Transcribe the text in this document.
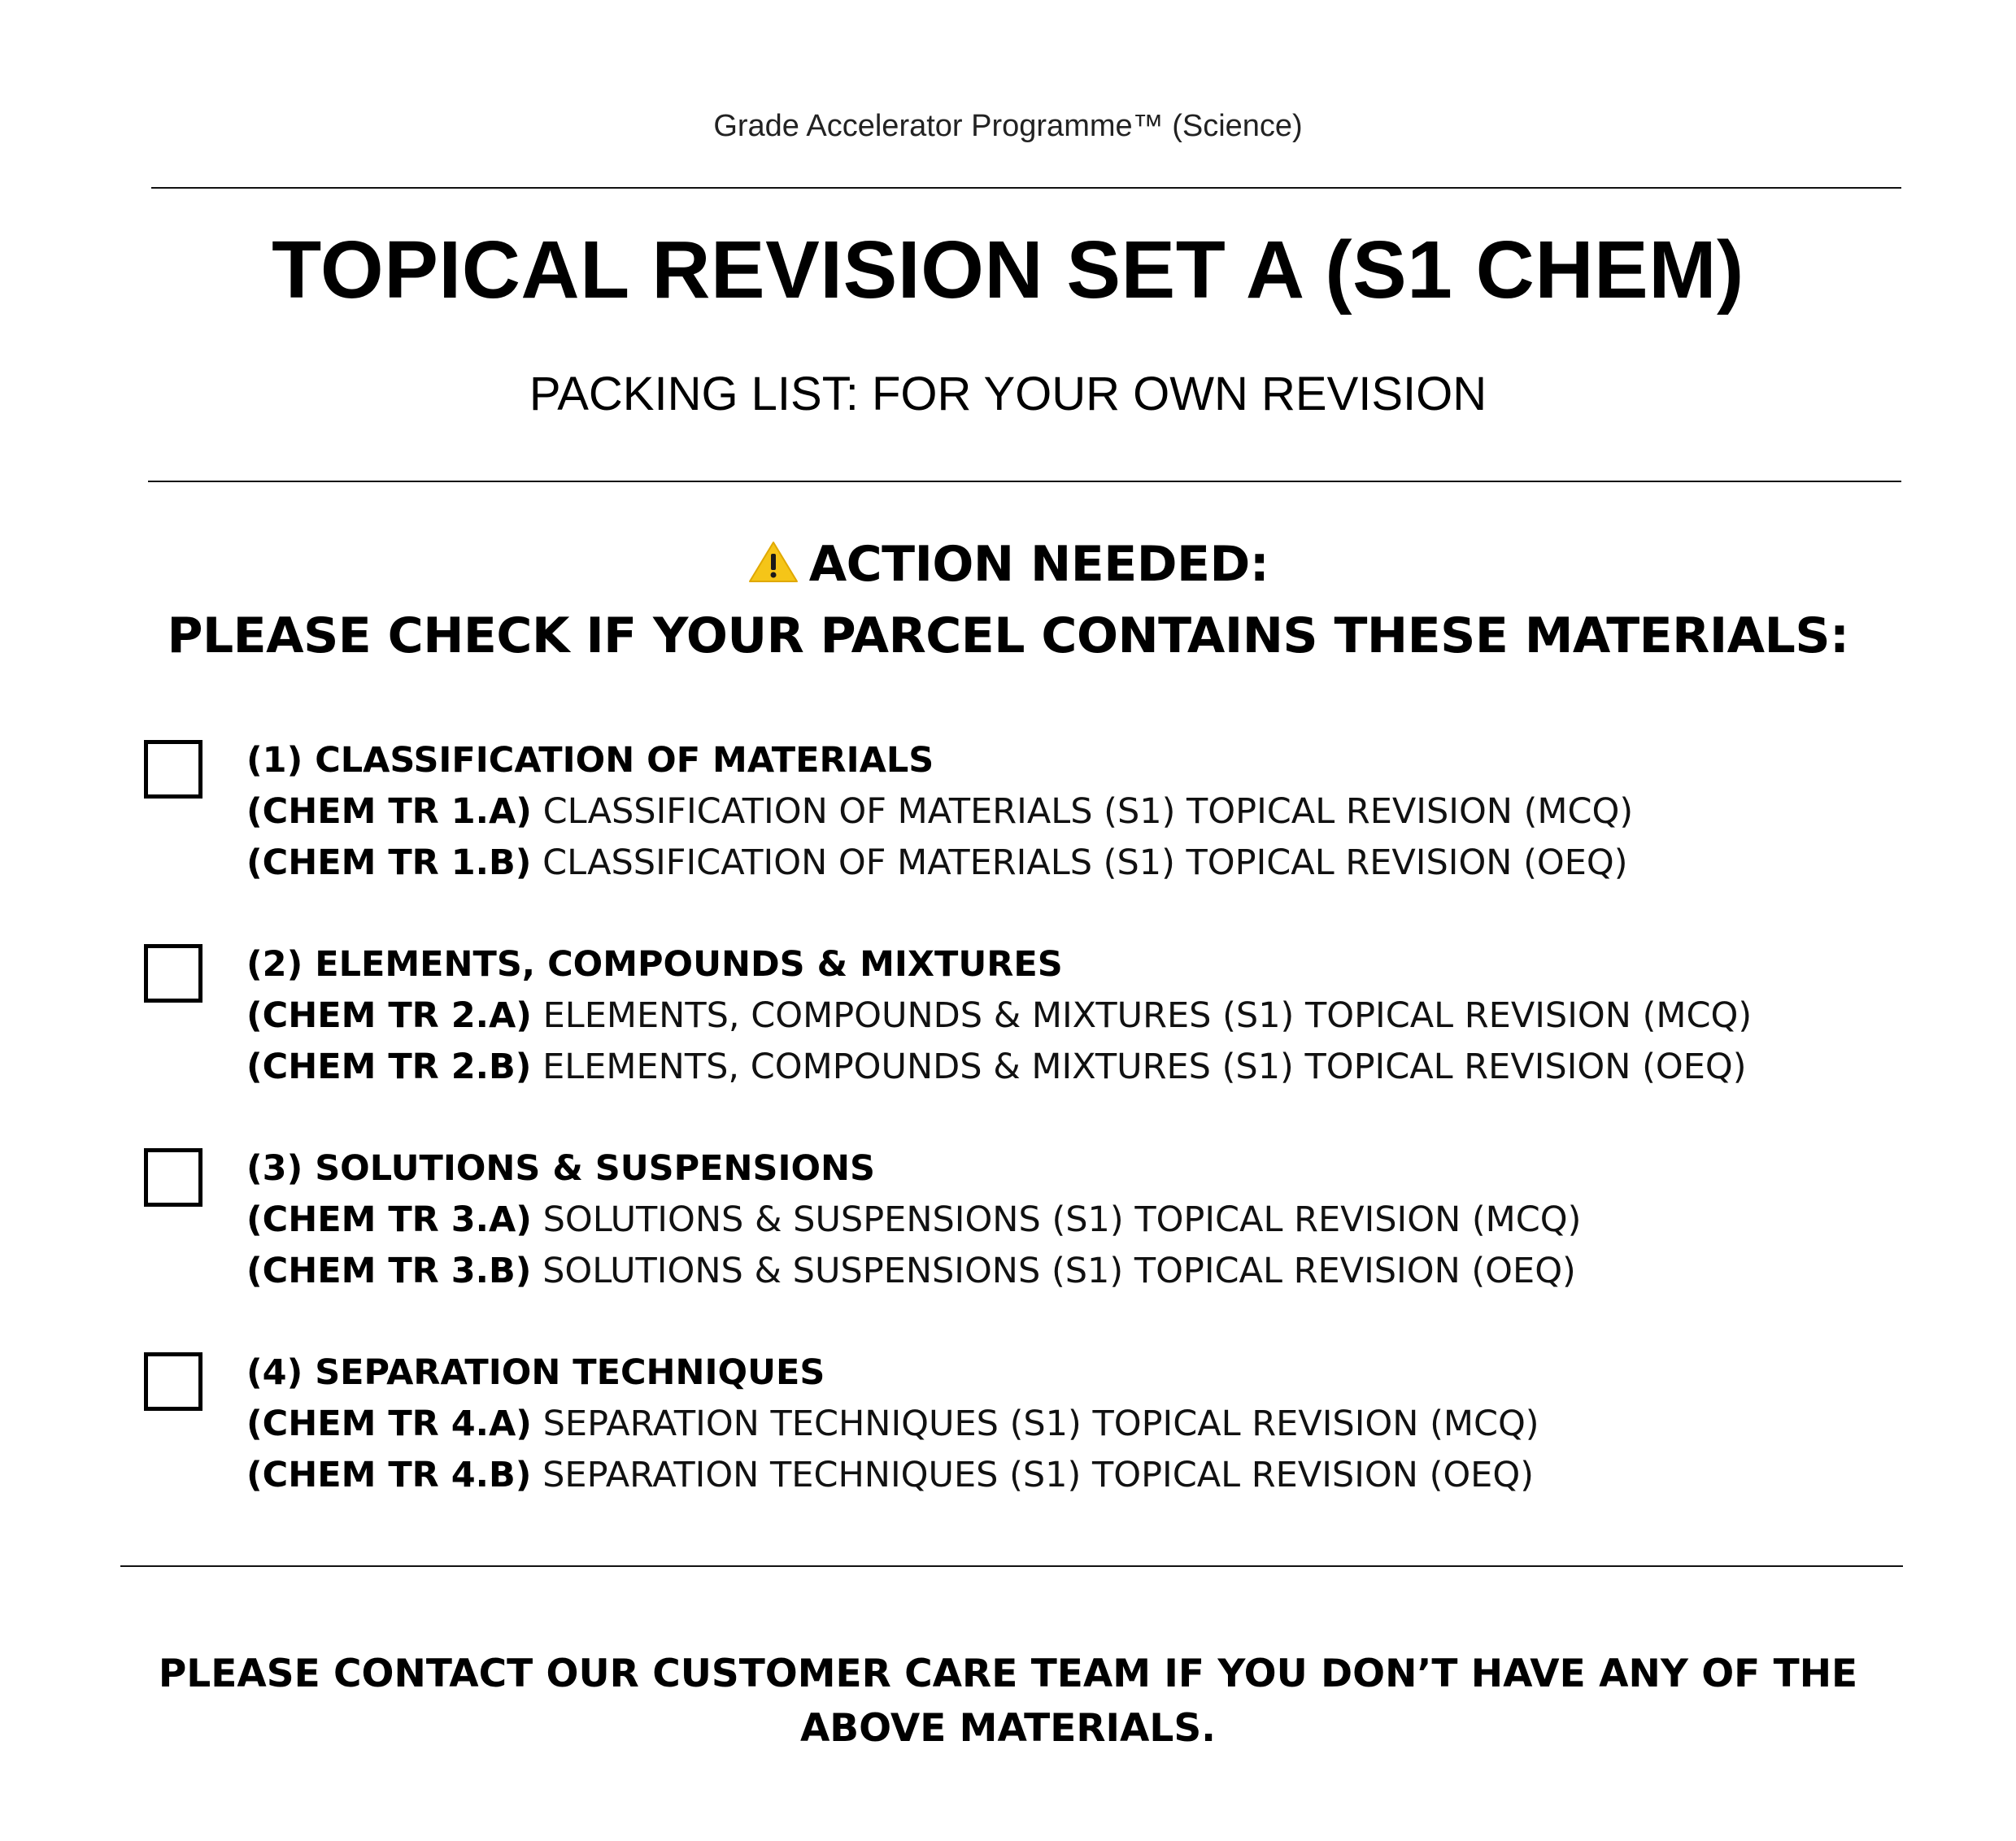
Grade Accelerator Programme™ (Science)
TOPICAL REVISION SET A (S1 CHEM)
PACKING LIST: FOR YOUR OWN REVISION
ACTION NEEDED:
PLEASE CHECK IF YOUR PARCEL CONTAINS THESE MATERIALS:
(1) CLASSIFICATION OF MATERIALS
(CHEM TR 1.A) CLASSIFICATION OF MATERIALS (S1) TOPICAL REVISION (MCQ)
(CHEM TR 1.B) CLASSIFICATION OF MATERIALS (S1) TOPICAL REVISION (OEQ)
(2) ELEMENTS, COMPOUNDS & MIXTURES
(CHEM TR 2.A) ELEMENTS, COMPOUNDS & MIXTURES (S1) TOPICAL REVISION (MCQ)
(CHEM TR 2.B) ELEMENTS, COMPOUNDS & MIXTURES (S1) TOPICAL REVISION (OEQ)
(3) SOLUTIONS & SUSPENSIONS
(CHEM TR 3.A) SOLUTIONS & SUSPENSIONS (S1) TOPICAL REVISION (MCQ)
(CHEM TR 3.B) SOLUTIONS & SUSPENSIONS (S1) TOPICAL REVISION (OEQ)
(4) SEPARATION TECHNIQUES
(CHEM TR 4.A) SEPARATION TECHNIQUES (S1) TOPICAL REVISION (MCQ)
(CHEM TR 4.B) SEPARATION TECHNIQUES (S1) TOPICAL REVISION (OEQ)
PLEASE CONTACT OUR CUSTOMER CARE TEAM IF YOU DON’T HAVE ANY OF THE
ABOVE MATERIALS.
